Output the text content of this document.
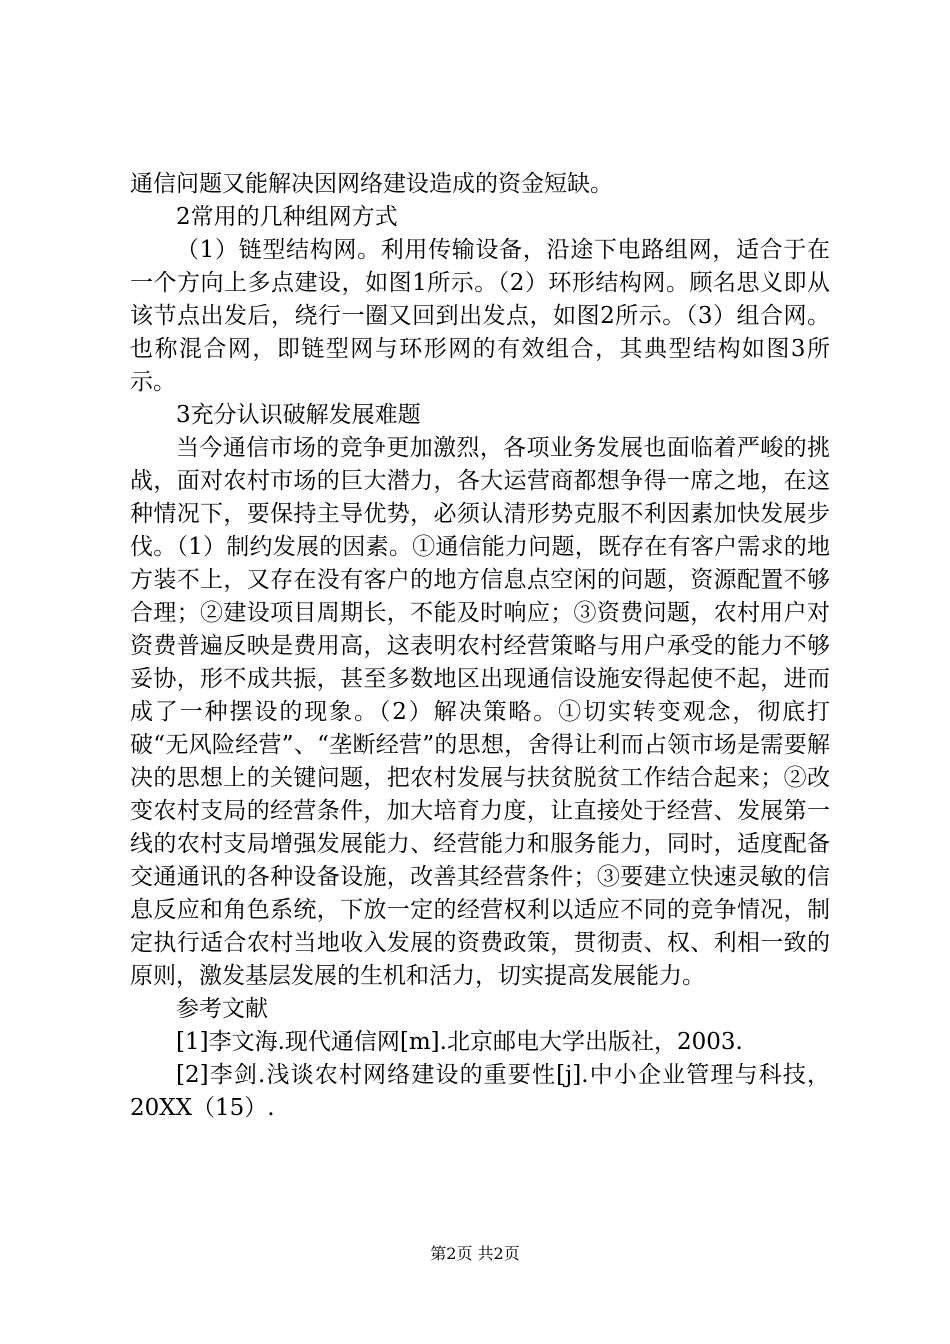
通信问题又能解决因网络建设造成的资金短缺。

2常用的几种组网方式

（1）链型结构网。利用传输设备，沿途下电路组网，适合于在一个方向上多点建设，如图1所示。（2）环形结构网。顾名思义即从该节点出发后，绕行一圈又回到出发点，如图2所示。（3）组合网。也称混合网，即链型网与环形网的有效组合，其典型结构如图3所示。

3充分认识破解发展难题

当今通信市场的竞争更加激烈，各项业务发展也面临着严峻的挑战，面对农村市场的巨大潜力，各大运营商都想争得一席之地，在这种情况下，要保持主导优势，必须认清形势克服不利因素加快发展步伐。（1）制约发展的因素。①通信能力问题，既存在有客户需求的地方装不上，又存在没有客户的地方信息点空闲的问题，资源配置不够合理；②建设项目周期长，不能及时响应；③资费问题，农村用户对资费普遍反映是费用高，这表明农村经营策略与用户承受的能力不够妥协，形不成共振，甚至多数地区出现通信设施安得起使不起，进而成了一种摆设的现象。（2）解决策略。①切实转变观念，彻底打破“无风险经营”、“垄断经营”的思想，舍得让利而占领市场是需要解决的思想上的关键问题，把农村发展与扶贫脱贫工作结合起来；②改变农村支局的经营条件，加大培育力度，让直接处于经营、发展第一线的农村支局增强发展能力、经营能力和服务能力，同时，适度配备交通通讯的各种设备设施，改善其经营条件；③要建立快速灵敏的信息反应和角色系统，下放一定的经营权利以适应不同的竞争情况，制定执行适合农村当地收入发展的资费政策，贯彻责、权、利相一致的原则，激发基层发展的生机和活力，切实提高发展能力。

参考文献

[1]李文海.现代通信网[m].北京邮电大学出版社，2003.

[2]李剑.浅谈农村网络建设的重要性[j].中小企业管理与科技，20XX（15）.

第2页 共2页
